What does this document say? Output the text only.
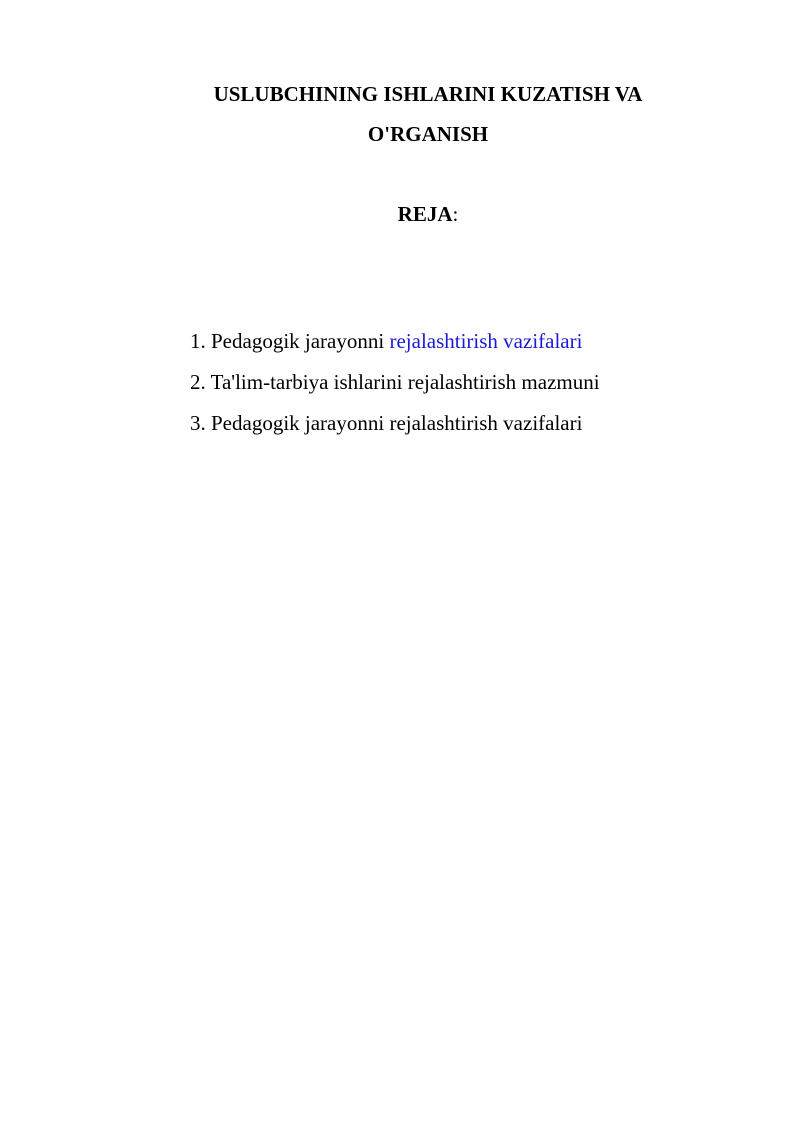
USLUBCHINING ISHLARINI KUZATISH VA
O'RGANISH

REJA:

1. Pedagogik jarayonni rejalashtirish vazifalari
2. Ta'lim-tarbiya ishlarini rejalashtirish mazmuni
3. Pedagogik jarayonni rejalashtirish vazifalari
